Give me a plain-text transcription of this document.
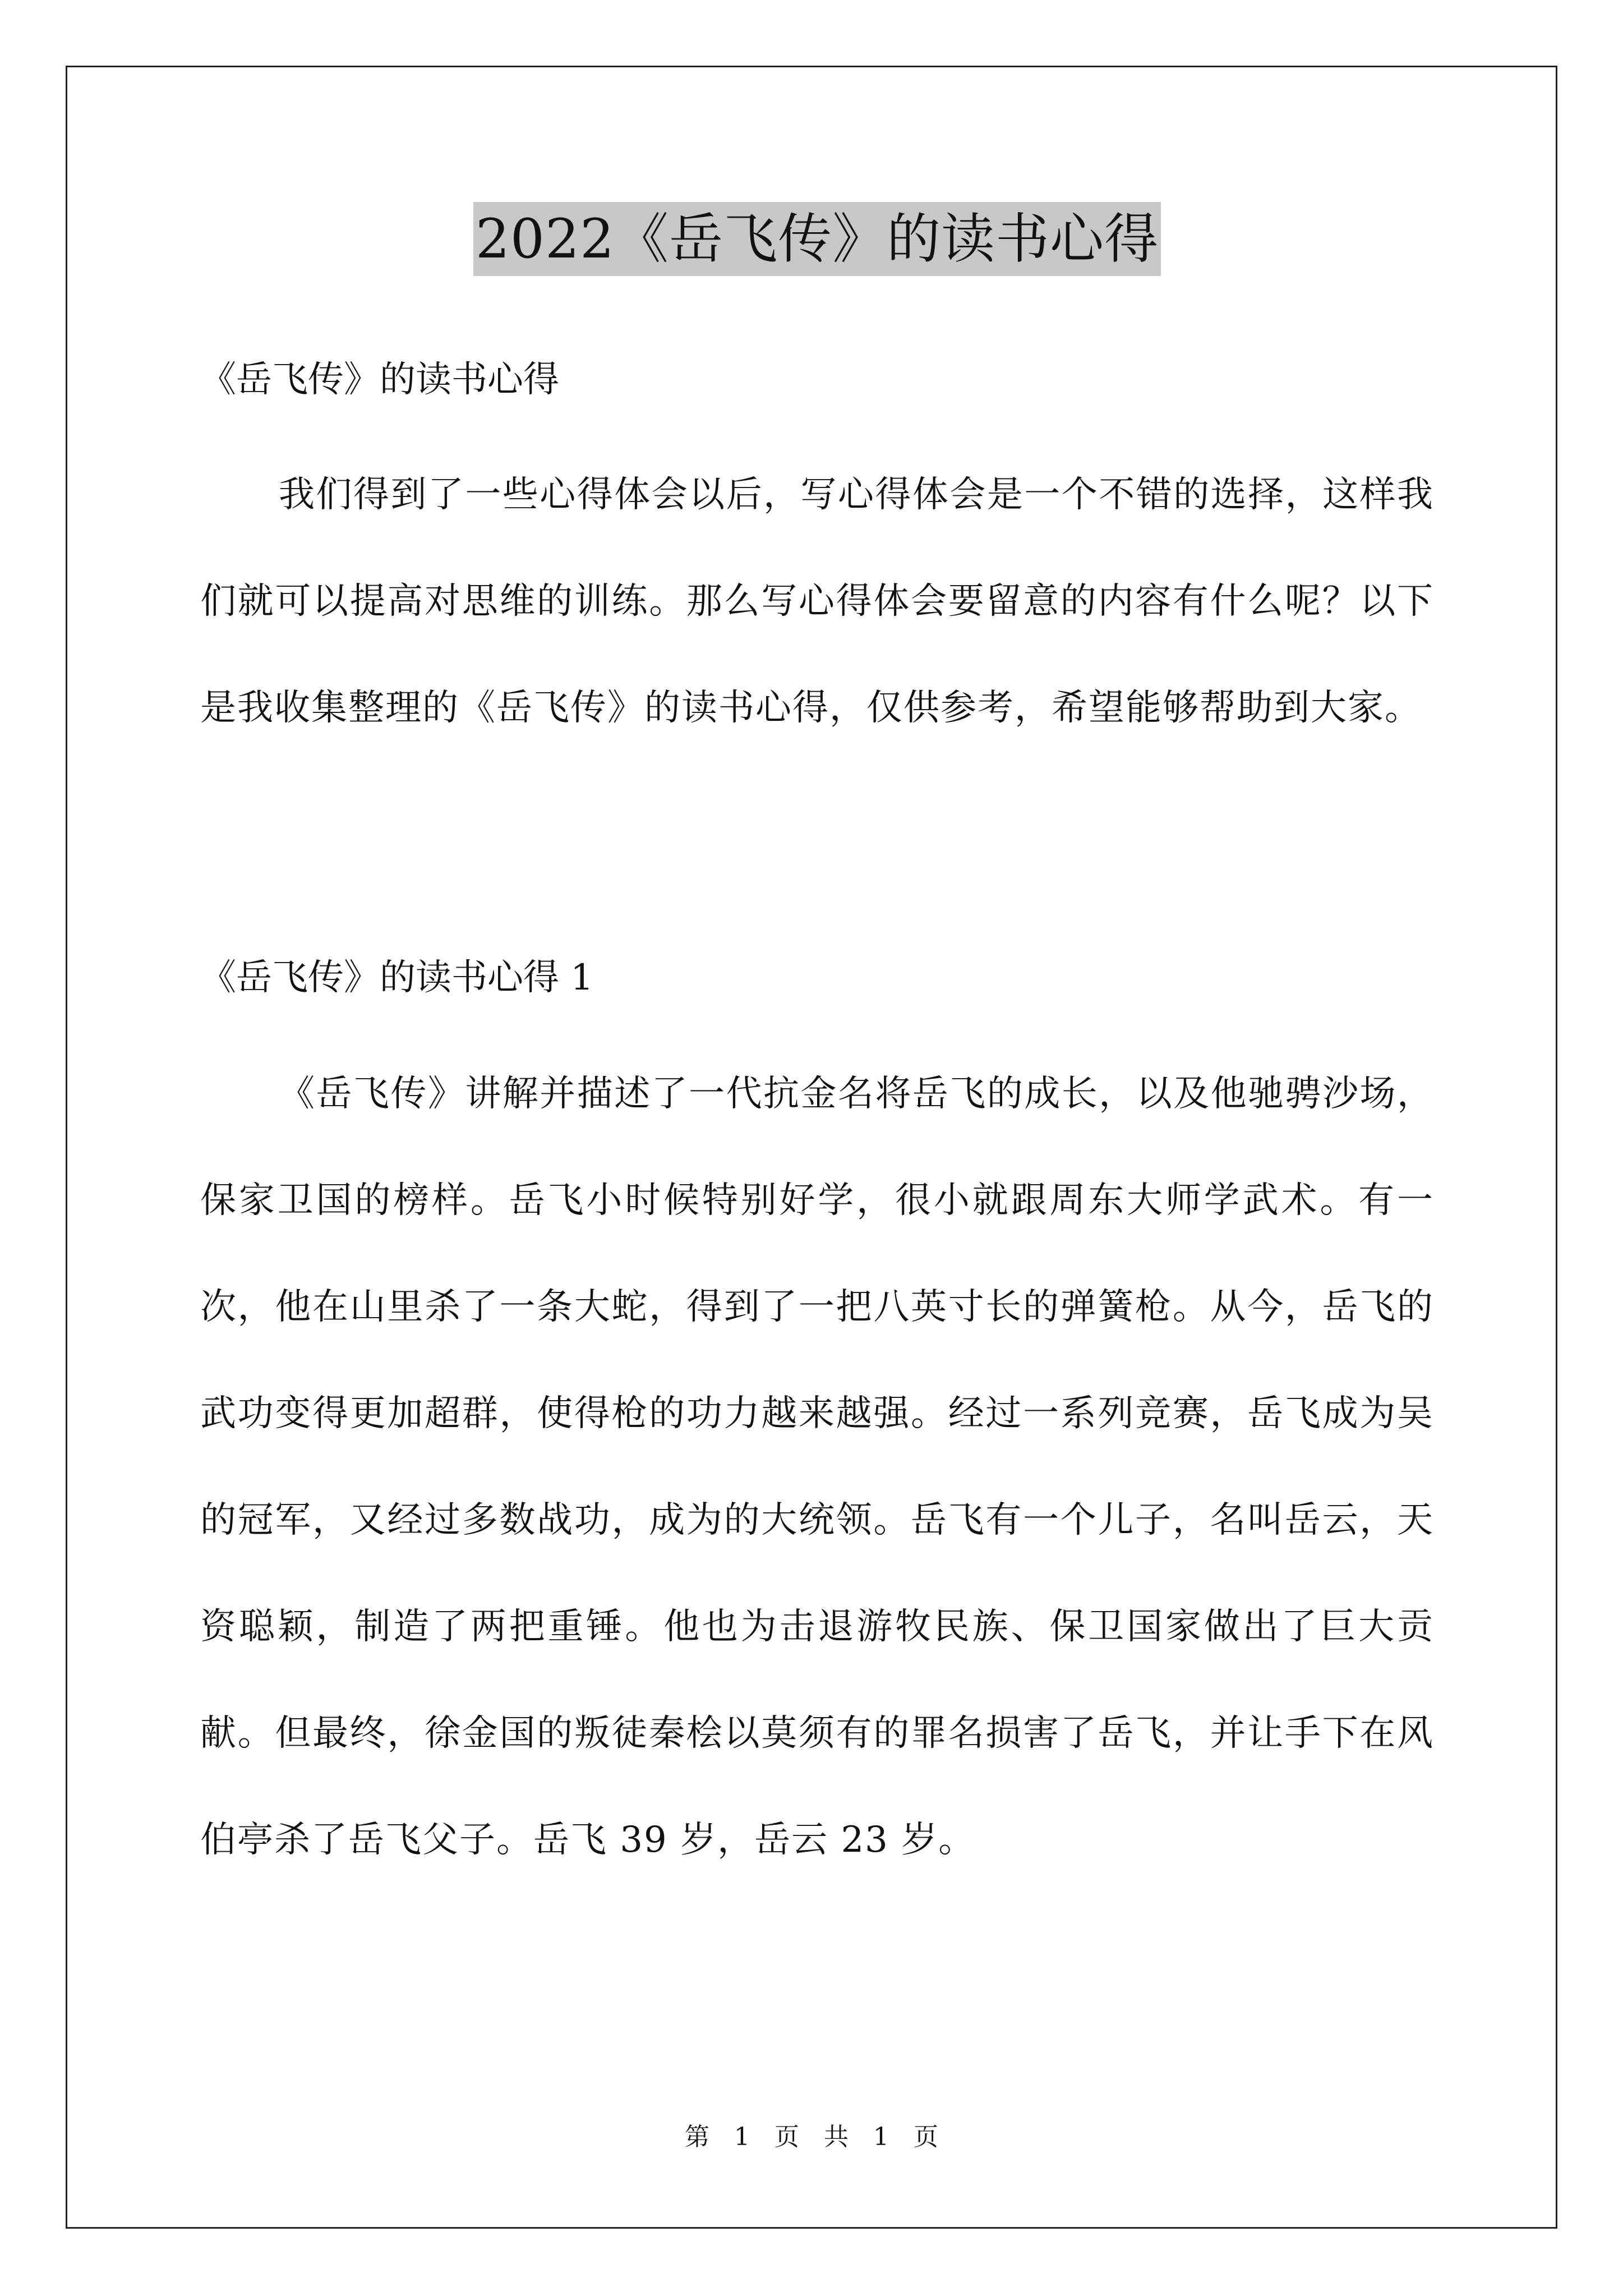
2022《岳飞传》的读书心得
《岳飞传》的读书心得
我们得到了一些心得体会以后，写心得体会是一个不错的选择，这样我们就可以提高对思维的训练。那么写心得体会要留意的内容有什么呢？以下是我收集整理的《岳飞传》的读书心得，仅供参考，希望能够帮助到大家。
《岳飞传》的读书心得 1
《岳飞传》讲解并描述了一代抗金名将岳飞的成长，以及他驰骋沙场，保家卫国的榜样。岳飞小时候特别好学，很小就跟周东大师学武术。有一次，他在山里杀了一条大蛇，得到了一把八英寸长的弹簧枪。从今，岳飞的武功变得更加超群，使得枪的功力越来越强。经过一系列竞赛，岳飞成为吴的冠军，又经过多数战功，成为的大统领。岳飞有一个儿子，名叫岳云，天资聪颖，制造了两把重锤。他也为击退游牧民族、保卫国家做出了巨大贡献。但最终，徐金国的叛徒秦桧以莫须有的罪名损害了岳飞，并让手下在风伯亭杀了岳飞父子。岳飞 39 岁，岳云 23 岁。
第 1 页 共 1 页
